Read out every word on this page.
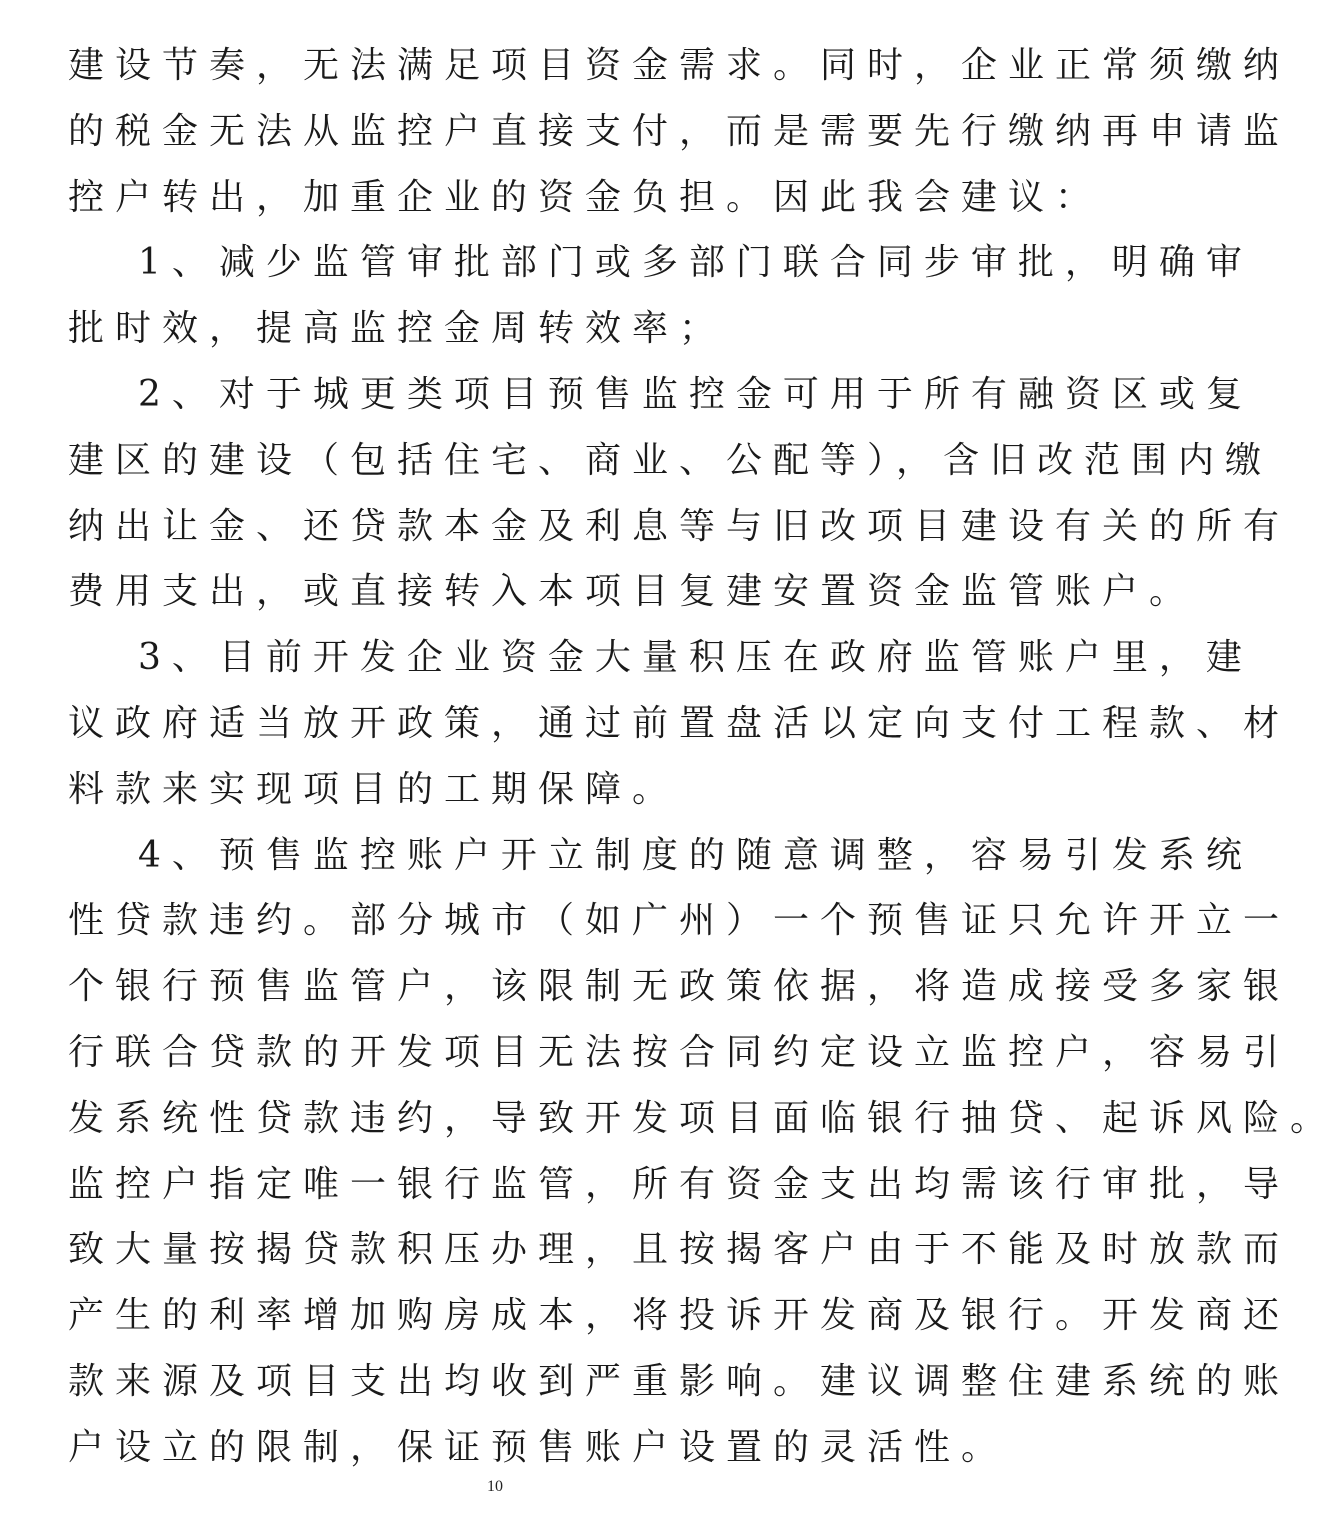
建设节奏，无法满足项目资金需求。同时，企业正常须缴纳
的税金无法从监控户直接支付，而是需要先行缴纳再申请监
控户转出，加重企业的资金负担。因此我会建议：
1、减少监管审批部门或多部门联合同步审批，明确审
批时效，提高监控金周转效率；
2、对于城更类项目预售监控金可用于所有融资区或复
建区的建设（包括住宅、商业、公配等），含旧改范围内缴
纳出让金、还贷款本金及利息等与旧改项目建设有关的所有
费用支出，或直接转入本项目复建安置资金监管账户。
3、目前开发企业资金大量积压在政府监管账户里，建
议政府适当放开政策，通过前置盘活以定向支付工程款、材
料款来实现项目的工期保障。
4、预售监控账户开立制度的随意调整，容易引发系统
性贷款违约。部分城市（如广州）一个预售证只允许开立一
个银行预售监管户，该限制无政策依据，将造成接受多家银
行联合贷款的开发项目无法按合同约定设立监控户，容易引
发系统性贷款违约，导致开发项目面临银行抽贷、起诉风险。
监控户指定唯一银行监管，所有资金支出均需该行审批，导
致大量按揭贷款积压办理，且按揭客户由于不能及时放款而
产生的利率增加购房成本，将投诉开发商及银行。开发商还
款来源及项目支出均收到严重影响。建议调整住建系统的账
户设立的限制，保证预售账户设置的灵活性。
10
